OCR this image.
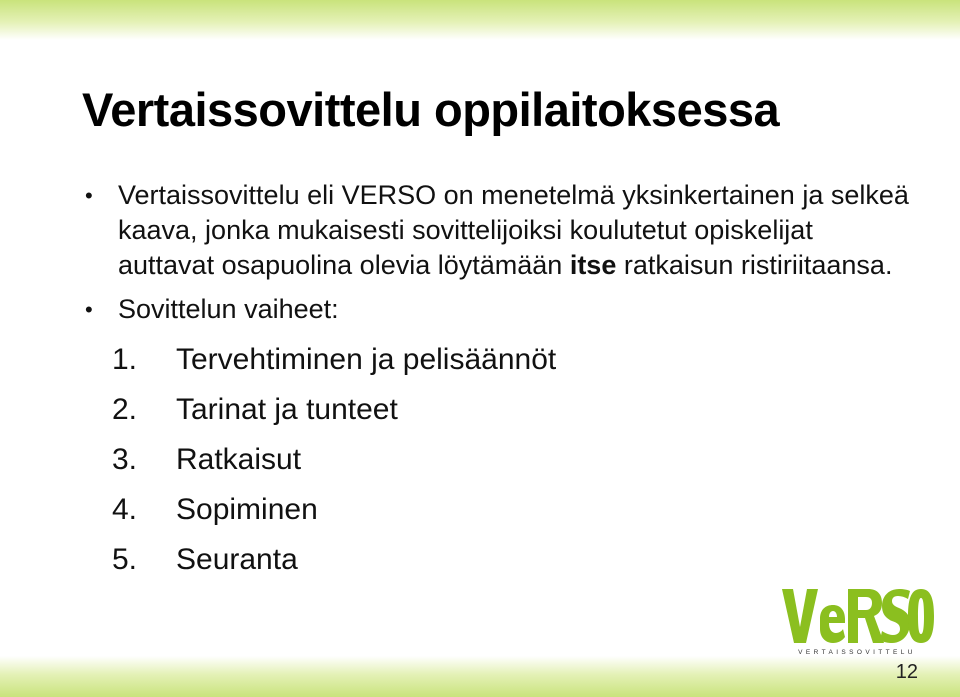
Vertaissovittelu oppilaitoksessa

• Vertaissovittelu eli VERSO on menetelmä yksinkertainen ja selkeä kaava, jonka mukaisesti sovittelijoiksi koulutetut opiskelijat auttavat osapuolina olevia löytämään itse ratkaisun ristiriitaansa.

• Sovittelun vaiheet:

1. Tervehtiminen ja pelisäännöt
2. Tarinat ja tunteet
3. Ratkaisut
4. Sopiminen
5. Seuranta
VERTAISSOVITTELU
12
